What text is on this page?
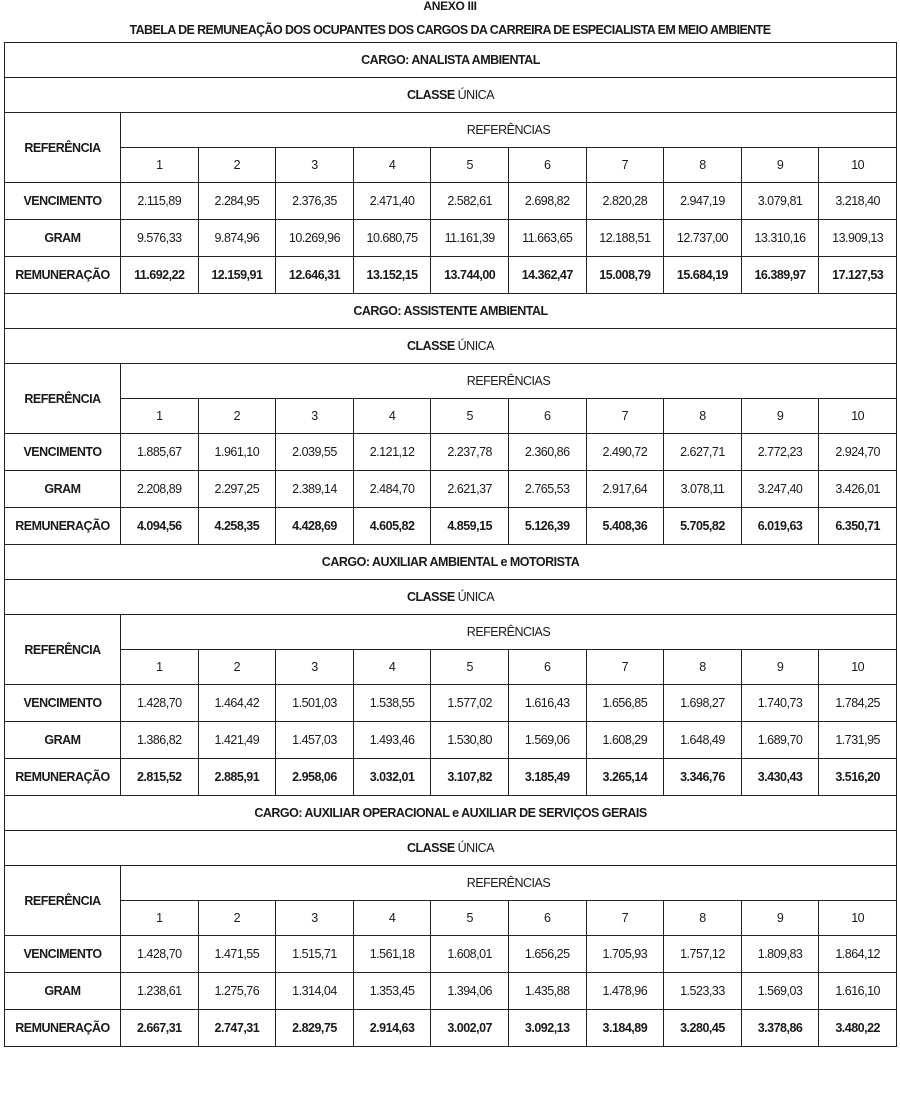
ANEXO III
TABELA DE REMUNEAÇÃO DOS OCUPANTES DOS CARGOS DA CARREIRA DE ESPECIALISTA EM MEIO AMBIENTE
CARGO: ANALISTA AMBIENTAL										
CLASSE ÚNICA										
REFERÊNCIA	REFERÊNCIAS									
	1	2	3	4	5	6	7	8	9	10
VENCIMENTO	2.115,89	2.284,95	2.376,35	2.471,40	2.582,61	2.698,82	2.820,28	2.947,19	3.079,81	3.218,40
GRAM	9.576,33	9.874,96	10.269,96	10.680,75	11.161,39	11.663,65	12.188,51	12.737,00	13.310,16	13.909,13
REMUNERAÇÃO	11.692,22	12.159,91	12.646,31	13.152,15	13.744,00	14.362,47	15.008,79	15.684,19	16.389,97	17.127,53
CARGO: ASSISTENTE AMBIENTAL										
CLASSE ÚNICA										
REFERÊNCIA	REFERÊNCIAS									
	1	2	3	4	5	6	7	8	9	10
VENCIMENTO	1.885,67	1.961,10	2.039,55	2.121,12	2.237,78	2.360,86	2.490,72	2.627,71	2.772,23	2.924,70
GRAM	2.208,89	2.297,25	2.389,14	2.484,70	2.621,37	2.765,53	2.917,64	3.078,11	3.247,40	3.426,01
REMUNERAÇÃO	4.094,56	4.258,35	4.428,69	4.605,82	4.859,15	5.126,39	5.408,36	5.705,82	6.019,63	6.350,71
CARGO: AUXILIAR AMBIENTAL e MOTORISTA										
CLASSE ÚNICA										
REFERÊNCIA	REFERÊNCIAS									
	1	2	3	4	5	6	7	8	9	10
VENCIMENTO	1.428,70	1.464,42	1.501,03	1.538,55	1.577,02	1.616,43	1.656,85	1.698,27	1.740,73	1.784,25
GRAM	1.386,82	1.421,49	1.457,03	1.493,46	1.530,80	1.569,06	1.608,29	1.648,49	1.689,70	1.731,95
REMUNERAÇÃO	2.815,52	2.885,91	2.958,06	3.032,01	3.107,82	3.185,49	3.265,14	3.346,76	3.430,43	3.516,20
CARGO: AUXILIAR OPERACIONAL e AUXILIAR DE SERVIÇOS GERAIS										
CLASSE ÚNICA										
REFERÊNCIA	REFERÊNCIAS									
	1	2	3	4	5	6	7	8	9	10
VENCIMENTO	1.428,70	1.471,55	1.515,71	1.561,18	1.608,01	1.656,25	1.705,93	1.757,12	1.809,83	1.864,12
GRAM	1.238,61	1.275,76	1.314,04	1.353,45	1.394,06	1.435,88	1.478,96	1.523,33	1.569,03	1.616,10
REMUNERAÇÃO	2.667,31	2.747,31	2.829,75	2.914,63	3.002,07	3.092,13	3.184,89	3.280,45	3.378,86	3.480,22
